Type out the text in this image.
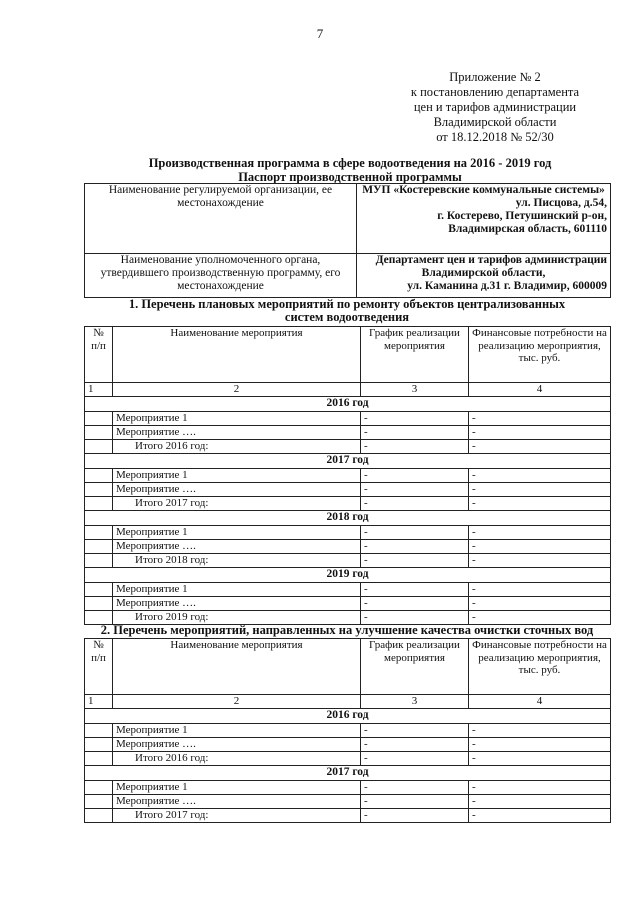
7
Приложение № 2
к постановлению департамента
цен и тарифов администрации
Владимирской области
от 18.12.2018 № 52/30
Производственная программа в сфере водоотведения на 2016 - 2019 год
Паспорт производственной программы
Наименование регулируемой организации, ее местонахождение	МУП «Костеревские коммунальные системы»
ул. Писцова, д.54,
г. Костерево, Петушинский р-он,
Владимирская область, 601110

Наименование уполномоченного органа, утвердившего производственную программу, его местонахождение	Департамент цен и тарифов администрации
Владимирской области,
ул. Каманина д.31 г. Владимир, 600009
1. Перечень плановых мероприятий по ремонту объектов централизованных
систем водоотведения
№ п/п	Наименование мероприятия	График реализации мероприятия	Финансовые потребности на реализацию мероприятия, тыс. руб.
1	2	3	4
2016 год			
	Мероприятие 1	-	-
	Мероприятие ….	-	-
	Итого 2016 год:	-	-
2017 год			
	Мероприятие 1	-	-
	Мероприятие ….	-	-
	Итого 2017 год:	-	-
2018 год			
	Мероприятие 1	-	-
	Мероприятие ….	-	-
	Итого 2018 год:	-	-
2019 год			
	Мероприятие 1	-	-
	Мероприятие ….	-	-
	Итого 2019 год:	-	-
2. Перечень мероприятий, направленных на улучшение качества очистки сточных вод
№ п/п	Наименование мероприятия	График реализации мероприятия	Финансовые потребности на реализацию мероприятия, тыс. руб.
1	2	3	4
2016 год			
	Мероприятие 1	-	-
	Мероприятие ….	-	-
	Итого 2016 год:	-	-
2017 год			
	Мероприятие 1	-	-
	Мероприятие ….	-	-
	Итого 2017 год:	-	-
